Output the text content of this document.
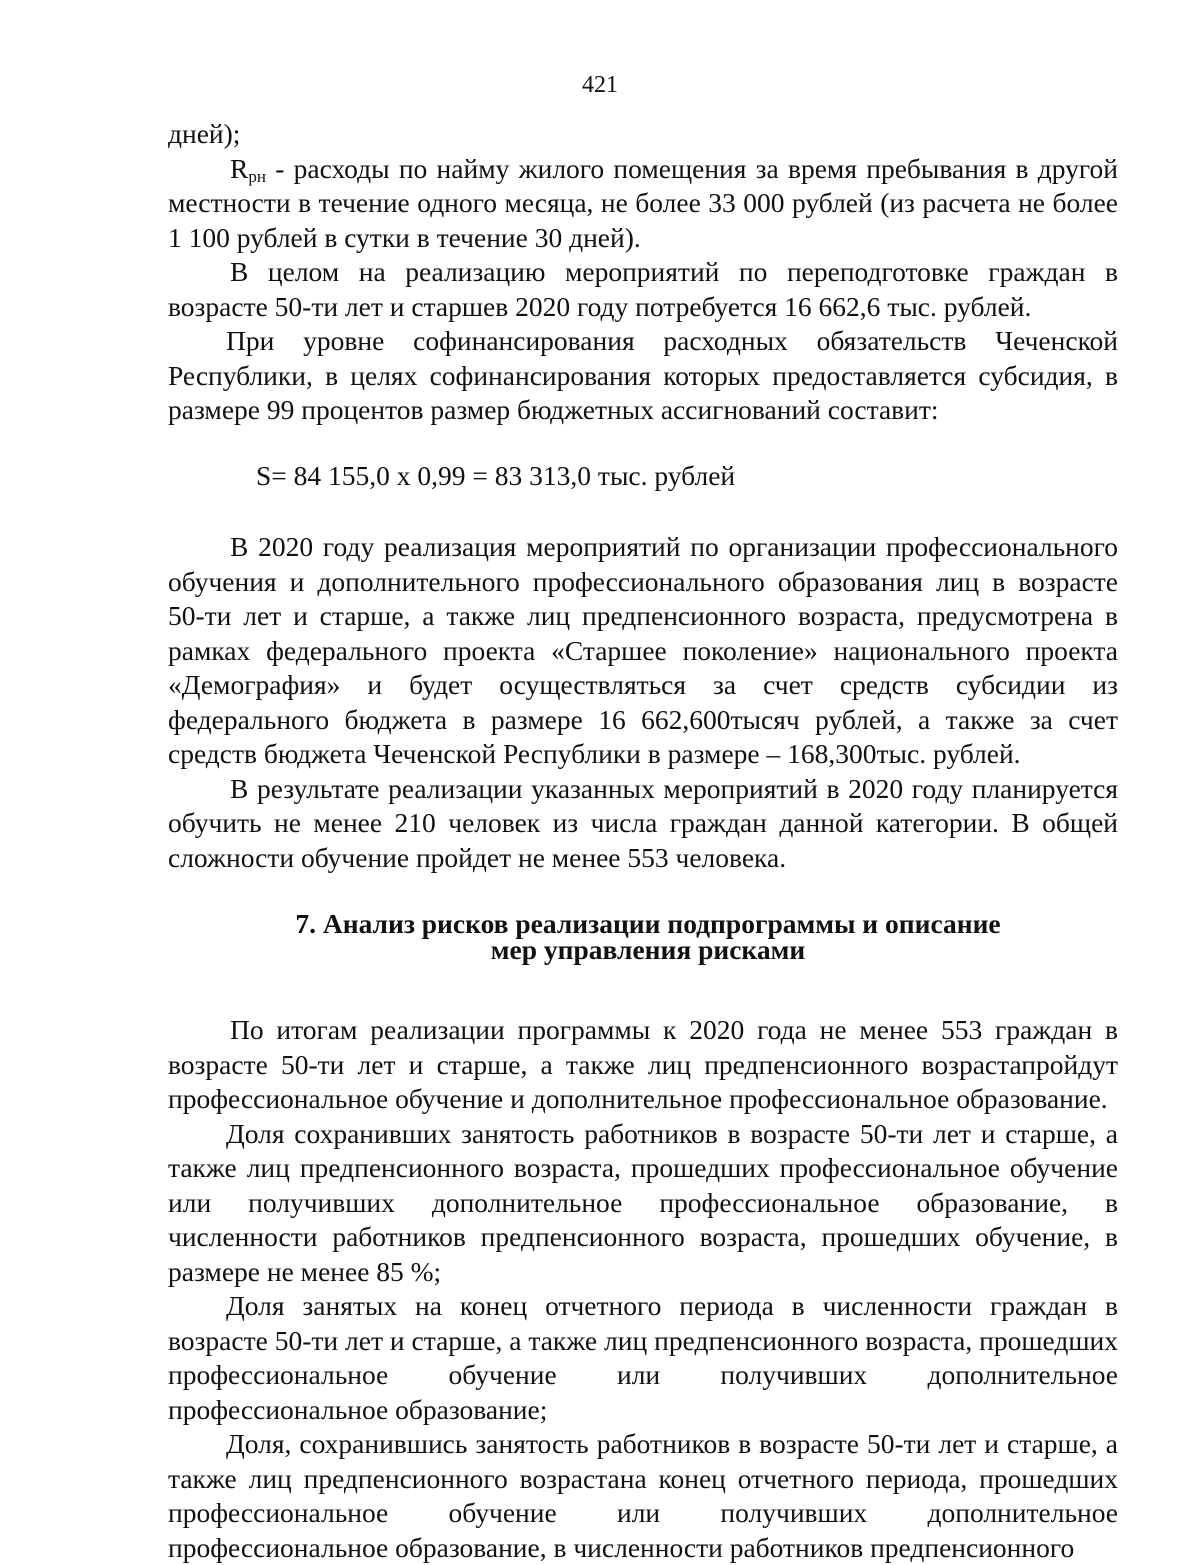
421

дней);

$R_{рн}$ - расходы по найму жилого помещения за время пребывания в другой местности в течение одного месяца, не более 33 000 рублей (из расчета не более 1 100 рублей в сутки в течение 30 дней).

В целом на реализацию мероприятий по переподготовке граждан в возрасте 50-ти лет и старшев 2020 году потребуется 16 662,6 тыс. рублей.

При уровне софинансирования расходных обязательств Чеченской Республики, в целях софинансирования которых предоставляется субсидия, в размере 99 процентов размер бюджетных ассигнований составит:

S= 84 155,0 x 0,99 = 83 313,0 тыс. рублей

В 2020 году реализация мероприятий по организации профессионального обучения и дополнительного профессионального образования лиц в возрасте 50-ти лет и старше, а также лиц предпенсионного возраста, предусмотрена в рамках федерального проекта «Старшее поколение» национального проекта «Демография» и будет осуществляться за счет средств субсидии из федерального бюджета в размере 16 662,600тысяч рублей, а также за счет средств бюджета Чеченской Республики в размере – 168,300тыс. рублей.

В результате реализации указанных мероприятий в 2020 году планируется обучить не менее 210 человек из числа граждан данной категории. В общей сложности обучение пройдет не менее 553 человека.

7. Анализ рисков реализации подпрограммы и описание
мер управления рисками

По итогам реализации программы к 2020 года не менее 553 граждан в возрасте 50-ти лет и старше, а также лиц предпенсионного возрастапройдут профессиональное обучение и дополнительное профессиональное образование.

Доля сохранивших занятость работников в возрасте 50-ти лет и старше, а также лиц предпенсионного возраста, прошедших профессиональное обучение или получивших дополнительное профессиональное образование, в численности работников предпенсионного возраста, прошедших обучение, в размере не менее 85 %;

Доля занятых на конец отчетного периода в численности граждан в возрасте 50-ти лет и старше, а также лиц предпенсионного возраста, прошедших профессиональное обучение или получивших дополнительное профессиональное образование;

Доля, сохранившись занятость работников в возрасте 50-ти лет и старше, а также лиц предпенсионного возрастана конец отчетного периода, прошедших профессиональное обучение или получивших дополнительное профессиональное образование, в численности работников предпенсионного
